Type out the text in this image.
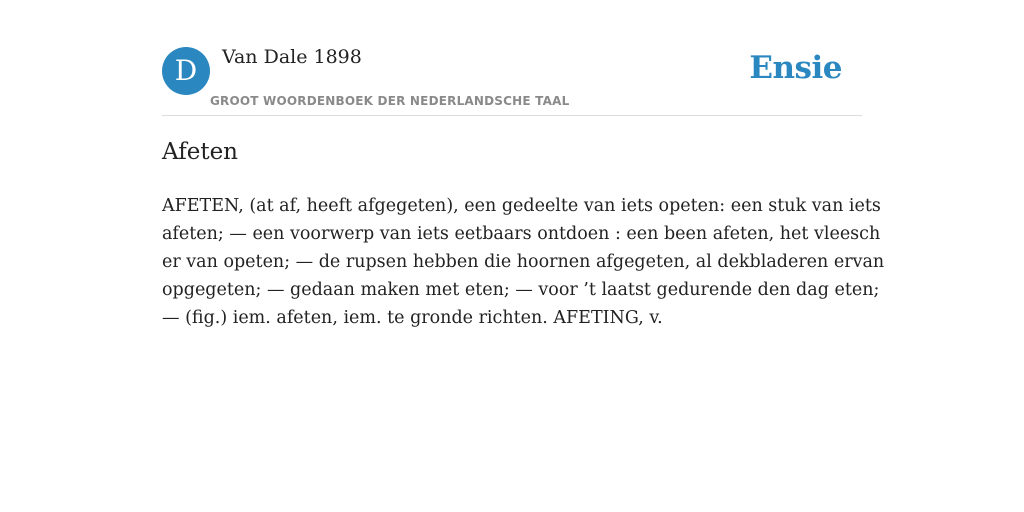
D	Van Dale 1898
GROOT WOORDENBOEK DER NEDERLANDSCHE TAAL
Ensie
Afeten

AFETEN, (at af, heeft afgegeten), een gedeelte van iets opeten: een stuk van iets
afeten; — een voorwerp van iets eetbaars ontdoen : een been afeten, het vleesch
er van opeten; — de rupsen hebben die hoornen afgegeten, al dekbladeren ervan
opgegeten; — gedaan maken met eten; — voor ’t laatst gedurende den dag eten;
— (fig.) iem. afeten, iem. te gronde richten. AFETING, v.
